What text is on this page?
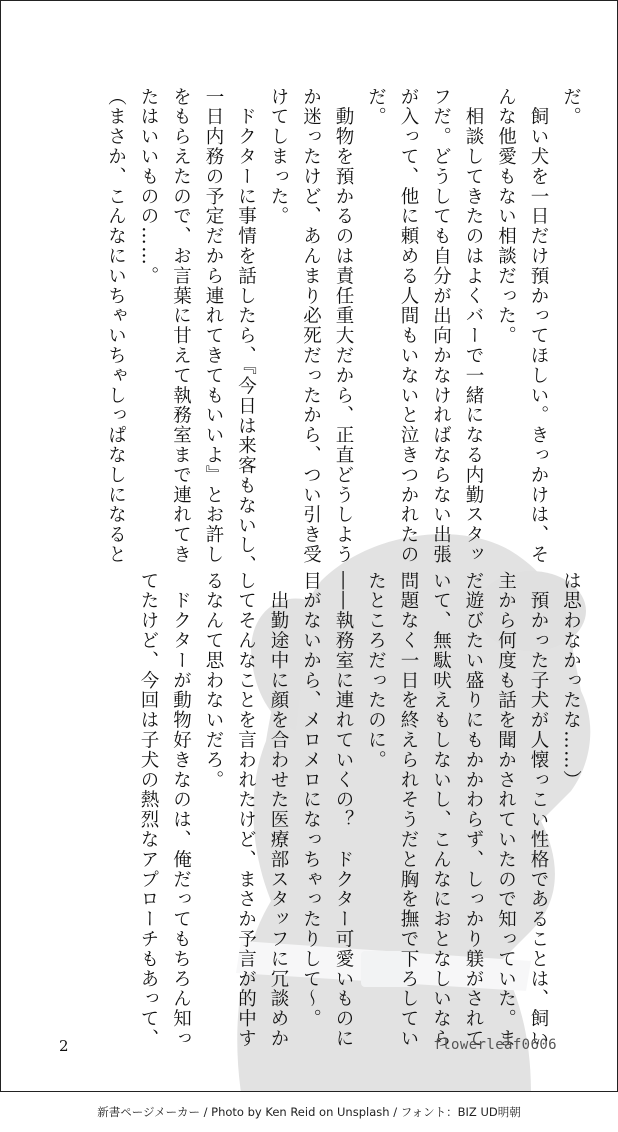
だ。
　飼い犬を一日だけ預かってほしい。きっかけは、そ
んな他愛もない相談だった。
　相談してきたのはよくバーで一緒になる内勤スタッ
フだ。どうしても自分が出向かなければならない出張
が入って、他に頼める人間もいないと泣きつかれたの
だ。
　動物を預かるのは責任重大だから、正直どうしよう
か迷ったけど、あんまり必死だったから、つい引き受
けてしまった。
　ドクターに事情を話したら、『今日は来客もないし、
一日内務の予定だから連れてきてもいいよ』とお許し
をもらえたので、お言葉に甘えて執務室まで連れてき
たはいいものの……。
（まさか、こんなにいちゃいちゃしっぱなしになると
は思わなかったな……）
　預かった子犬が人懐っこい性格であることは、飼い
主から何度も話を聞かされていたので知っていた。ま
だ遊びたい盛りにもかかわらず、しっかり躾がされて
いて、無駄吠えもしないし、こんなにおとなしいなら
問題なく一日を終えられそうだと胸を撫で下ろしてい
たところだったのに。
――執務室に連れていくの？　ドクター可愛いものに
目がないから、メロメロになっちゃったりして～。
　出勤途中に顔を合わせた医療部スタッフに冗談めか
してそんなことを言われたけど、まさか予言が的中す
るなんて思わないだろ。
　ドクターが動物好きなのは、俺だってもちろん知っ
てたけど、今回は子犬の熱烈なアプローチもあって、
2	flowerleaf0606
新書ページメーカー / Photo by Ken Reid on Unsplash / フォント：BIZ UD明朝
